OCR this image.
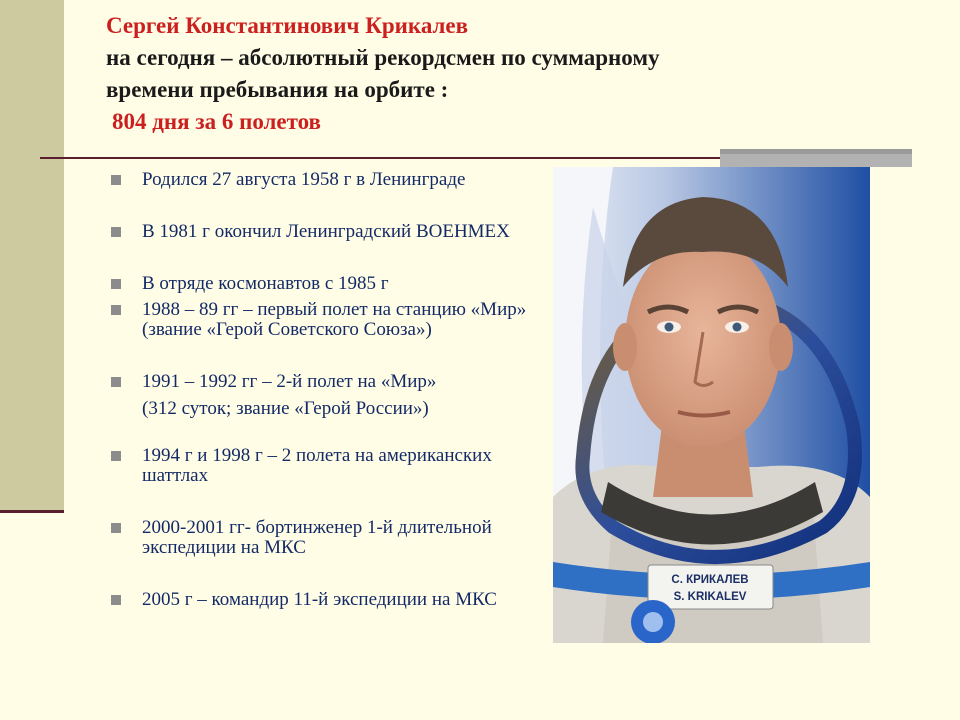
Сергей Константинович Крикалев
на сегодня – абсолютный рекордсмен по суммарному
времени пребывания на орбите :
804 дня за 6 полетов
Родился 27 августа 1958 г в Ленинграде
В 1981 г окончил Ленинградский ВОЕНМЕХ
В отряде космонавтов с 1985 г
1988 – 89 гг – первый полет на станцию «Мир» (звание «Герой Советского Союза»)
1991 – 1992 гг – 2-й полет на «Мир»
(312 суток; звание «Герой России»)
1994 г и 1998 г – 2 полета на американских шаттлах
2000-2001 гг- бортинженер 1-й длительной экспедиции на МКС
2005 г – командир 11-й экспедиции на МКС
С. КРИКАЛЕВ
S. KRIKALEV
